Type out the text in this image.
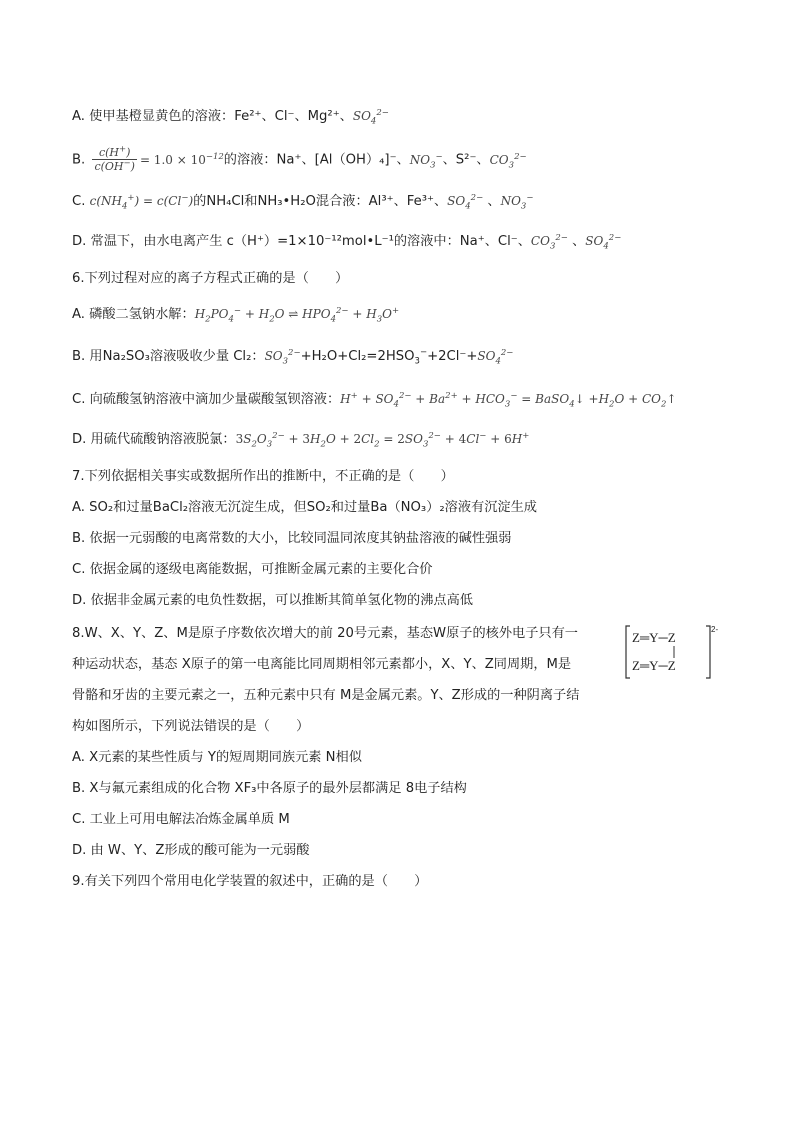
A. 使甲基橙显黄色的溶液：Fe²⁺、Cl⁻、Mg²⁺、$SO_4^{2-}$
B. $\frac{c(H^+)}{c(OH^-)} = 1.0 \times 10^{-12}$的溶液：Na⁺、[Al（OH）₄]⁻、$NO_3^-$、S²⁻、$CO_3^{2-}$
C. $c(NH_4^+) = c(Cl^-)$的NH₄Cl和NH₃•H₂O混合液：Al³⁺、Fe³⁺、$SO_4^{2-}$ 、$NO_3^-$
D. 常温下，由水电离产生 c（H⁺）=1×10⁻¹²mol•L⁻¹的溶液中：Na⁺、Cl⁻、$CO_3^{2-}$ 、$SO_4^{2-}$
6.下列过程对应的离子方程式正确的是（　　）
A. 磷酸二氢钠水解：$H_2PO_4^- + H_2O$ ⇌ $HPO_4^{2-} + H_3O^+$
B. 用Na₂SO₃溶液吸收少量 Cl₂：$SO_3^{2-}+H_2O+Cl_2=2HSO_3^-+2Cl^-+SO_4^{2-}$
C. 向硫酸氢钠溶液中滴加少量碳酸氢钡溶液：$H^+ + SO_4^{2-} + Ba^{2+} + HCO_3^-$ = BaSO$_4$↓ $+H_2O$ + $CO_2↑$
D. 用硫代硫酸钠溶液脱氯：$3S_2O_3^{2-} + 3H_2O + 2Cl_2 = 2SO_3^{2-} + 4Cl^- + 6H^+$
7.下列依据相关事实或数据所作出的推断中，不正确的是（　　）
A. SO₂和过量BaCl₂溶液无沉淀生成，但SO₂和过量Ba（NO₃）₂溶液有沉淀生成
B. 依据一元弱酸的电离常数的大小，比较同温同浓度其钠盐溶液的碱性强弱
C. 依据金属的逐级电离能数据，可推断金属元素的主要化合价
D. 依据非金属元素的电负性数据，可以推断其简单氢化物的沸点高低
8.W、X、Y、Z、M是原子序数依次增大的前 20号元素，基态W原子的核外电子只有一
种运动状态，基态 X原子的第一电离能比同周期相邻元素都小，X、Y、Z同周期，M是
骨骼和牙齿的主要元素之一，五种元素中只有 M是金属元素。Y、Z形成的一种阴离子结
构如图所示，下列说法错误的是（　　）
Z═Y─Z
Z═Y─Z
2-
A. X元素的某些性质与 Y的短周期同族元素 N相似
B. X与氟元素组成的化合物 XF₃中各原子的最外层都满足 8电子结构
C. 工业上可用电解法冶炼金属单质 M
D. 由 W、Y、Z形成的酸可能为一元弱酸
9.有关下列四个常用电化学装置的叙述中，正确的是（　　）
